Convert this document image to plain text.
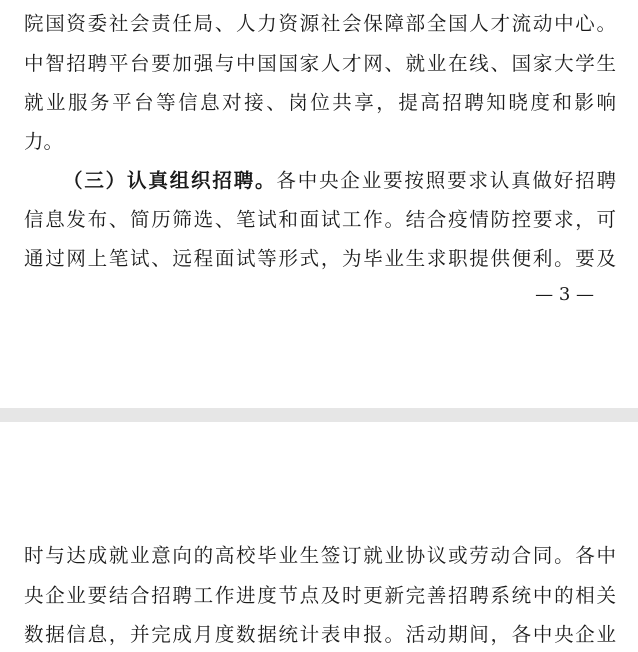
院国资委社会责任局、人力资源社会保障部全国人才流动中心。
中智招聘平台要加强与中国国家人才网、就业在线、国家大学生
就业服务平台等信息对接、岗位共享，提高招聘知晓度和影响
力。
（三）认真组织招聘。各中央企业要按照要求认真做好招聘
信息发布、简历筛选、笔试和面试工作。结合疫情防控要求，可
通过网上笔试、远程面试等形式，为毕业生求职提供便利。要及
— 3 —
时与达成就业意向的高校毕业生签订就业协议或劳动合同。各中
央企业要结合招聘工作进度节点及时更新完善招聘系统中的相关
数据信息，并完成月度数据统计表申报。活动期间，各中央企业
